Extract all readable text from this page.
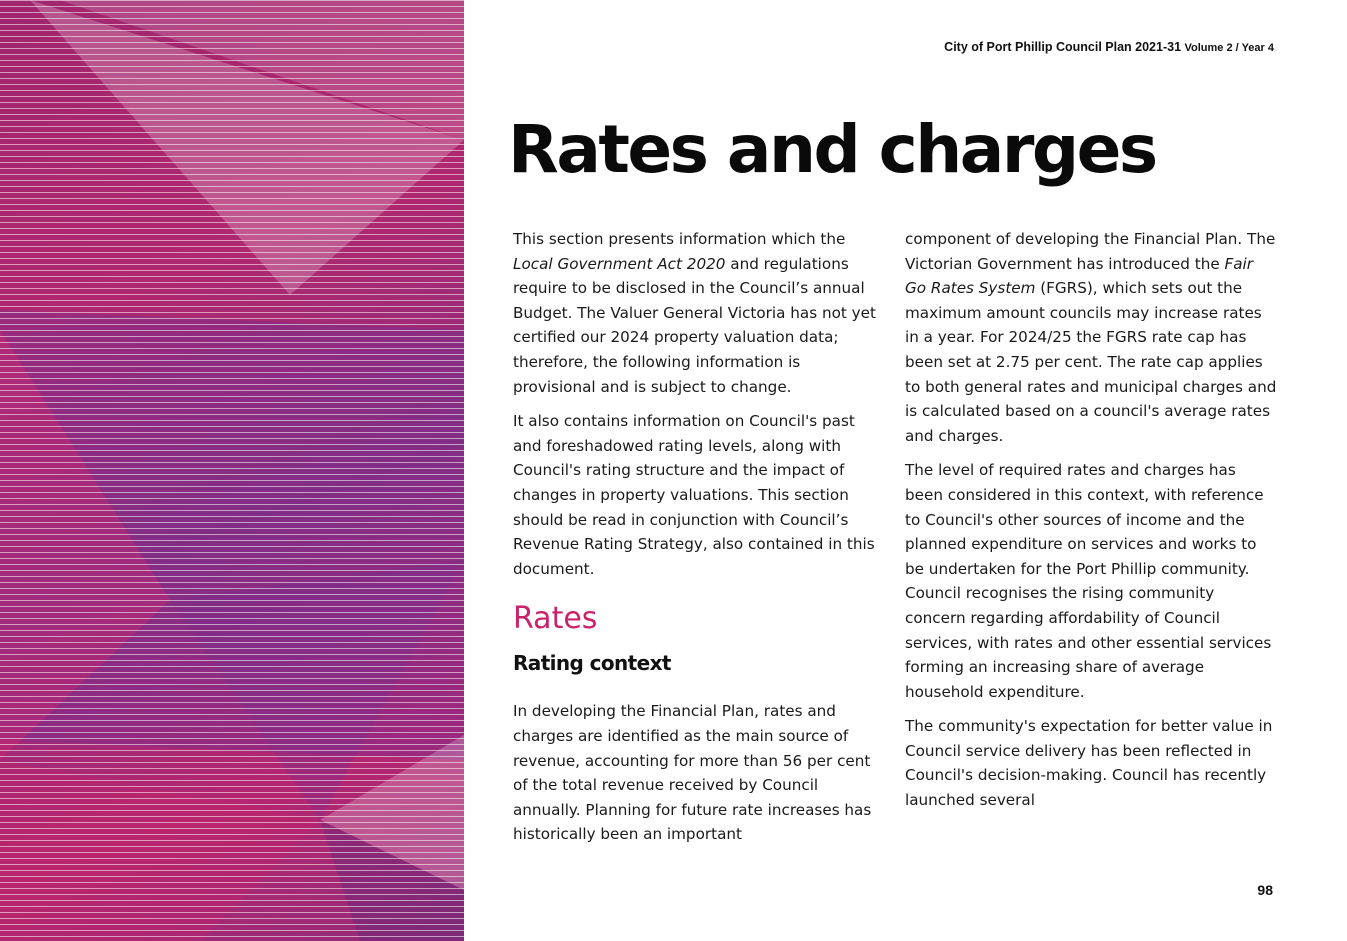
City of Port Phillip Council Plan 2021-31 Volume 2 / Year 4
Rates and charges

This section presents information which the Local Government Act 2020 and regulations require to be disclosed in the Council’s annual Budget. The Valuer General Victoria has not yet certified our 2024 property valuation data; therefore, the following information is provisional and is subject to change.

It also contains information on Council's past and foreshadowed rating levels, along with Council's rating structure and the impact of changes in property valuations. This section should be read in conjunction with Council’s Revenue Rating Strategy, also contained in this document.

Rates
Rating context

In developing the Financial Plan, rates and charges are identified as the main source of revenue, accounting for more than 56 per cent of the total revenue received by Council annually. Planning for future rate increases has historically been an important

component of developing the Financial Plan. The Victorian Government has introduced the Fair Go Rates System (FGRS), which sets out the maximum amount councils may increase rates in a year. For 2024/25 the FGRS rate cap has been set at 2.75 per cent. The rate cap applies to both general rates and municipal charges and is calculated based on a council's average rates and charges.

The level of required rates and charges has been considered in this context, with reference to Council's other sources of income and the planned expenditure on services and works to be undertaken for the Port Phillip community. Council recognises the rising community concern regarding affordability of Council services, with rates and other essential services forming an increasing share of average household expenditure.

The community's expectation for better value in Council service delivery has been reflected in Council's decision-making. Council has recently launched several

98
